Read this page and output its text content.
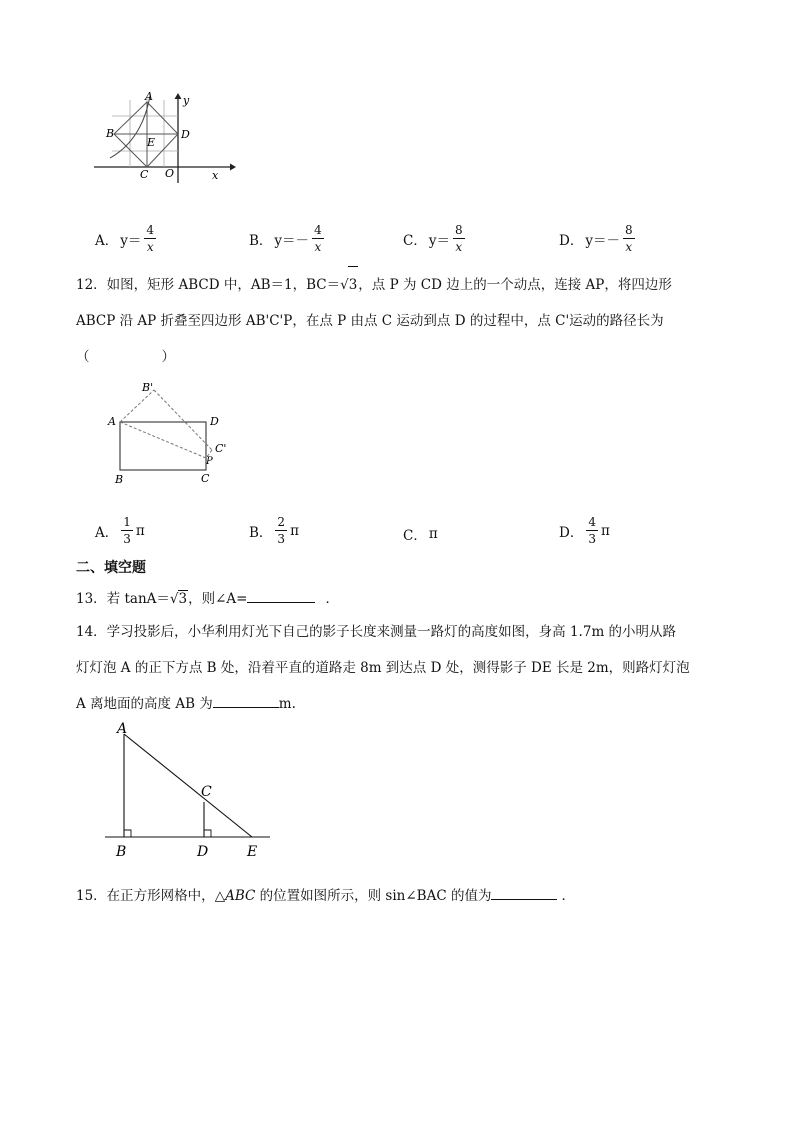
A
B	D
E
C O	x
y
A． $y= \frac{4}{x}$	B． $y=- \frac{4}{x}$	C． $y= \frac{8}{x}$	D． $y=- \frac{8}{x}$
12．如图，矩形 ABCD 中，AB＝1，BC＝√3，点 P 为 CD 边上的一个动点，连接 AP，将四边形
ABCP 沿 AP 折叠至四边形 AB'C'P，在点 P 由点 C 运动到点 D 的过程中，点 C'运动的路径长为
（	）
B'
A	D
C'
P
B	C
A． $\frac{1}{3}$ π	B． $\frac{2}{3}$ π	C． π	D． $\frac{4}{3}$ π
二、填空题
13．若 tanA＝√3，则∠A=	．
14．学习投影后，小华利用灯光下自己的影子长度来测量一路灯的高度如图，身高 1.7m 的小明从路
灯灯泡 A 的正下方点 B 处，沿着平直的道路走 8m 到达点 D 处，测得影子 DE 长是 2m，则路灯灯泡
A 离地面的高度 AB 为	m.
A
C
B	D	E
15．在正方形网格中，△ABC 的位置如图所示，则 sin∠BAC 的值为	．
